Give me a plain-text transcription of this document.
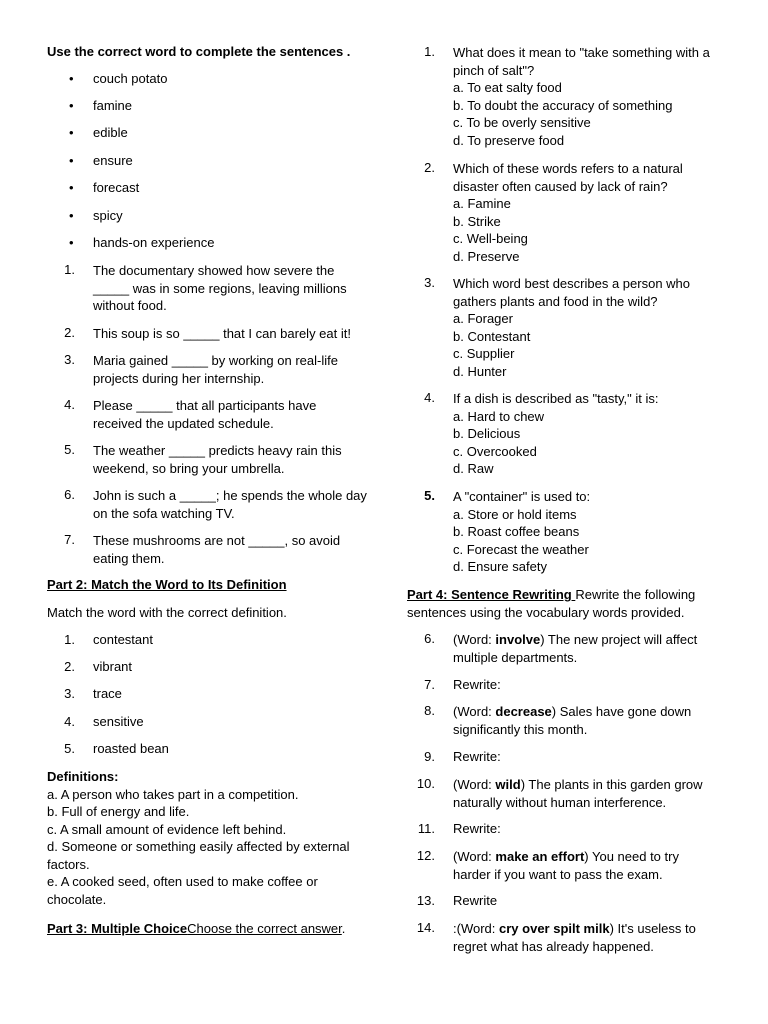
Use the correct word to complete the sentences .
•
couch potato
•
famine
•
edible
•
ensure
•
forecast
•
spicy
•
hands-on experience
1. The documentary showed how severe the
_____ was in some regions, leaving millions
without food.
2. This soup is so _____ that I can barely eat it!
3. Maria gained _____ by working on real-life
projects during her internship.
4. Please _____ that all participants have
received the updated schedule.
5. The weather _____ predicts heavy rain this
weekend, so bring your umbrella.
6. John is such a _____; he spends the whole day
on the sofa watching TV.
7. These mushrooms are not _____, so avoid
eating them.
Part 2: Match the Word to Its Definition
Match the word with the correct definition.
1. contestant
2. vibrant
3. trace
4. sensitive
5. roasted bean
Definitions:
a. A person who takes part in a competition.
b. Full of energy and life.
c. A small amount of evidence left behind.
d. Someone or something easily affected by external
factors.
e. A cooked seed, often used to make coffee or
chocolate.
Part 3: Multiple ChoiceChoose the correct answer.
1. What does it mean to "take something with a
pinch of salt"?
a. To eat salty food
b. To doubt the accuracy of something
c. To be overly sensitive
d. To preserve food
2. Which of these words refers to a natural
disaster often caused by lack of rain?
a. Famine
b. Strike
c. Well-being
d. Preserve
3. Which word best describes a person who
gathers plants and food in the wild?
a. Forager
b. Contestant
c. Supplier
d. Hunter
4. If a dish is described as "tasty," it is:
a. Hard to chew
b. Delicious
c. Overcooked
d. Raw
5. A "container" is used to:
a. Store or hold items
b. Roast coffee beans
c. Forecast the weather
d. Ensure safety
Part 4: Sentence Rewriting Rewrite the following
sentences using the vocabulary words provided.
6. (Word: involve) The new project will affect
multiple departments.
7. Rewrite:
8. (Word: decrease) Sales have gone down
significantly this month.
9. Rewrite:
10. (Word: wild) The plants in this garden grow
naturally without human interference.
11. Rewrite:
12. (Word: make an effort) You need to try
harder if you want to pass the exam.
13. Rewrite
14. :(Word: cry over spilt milk) It's useless to
regret what has already happened.
